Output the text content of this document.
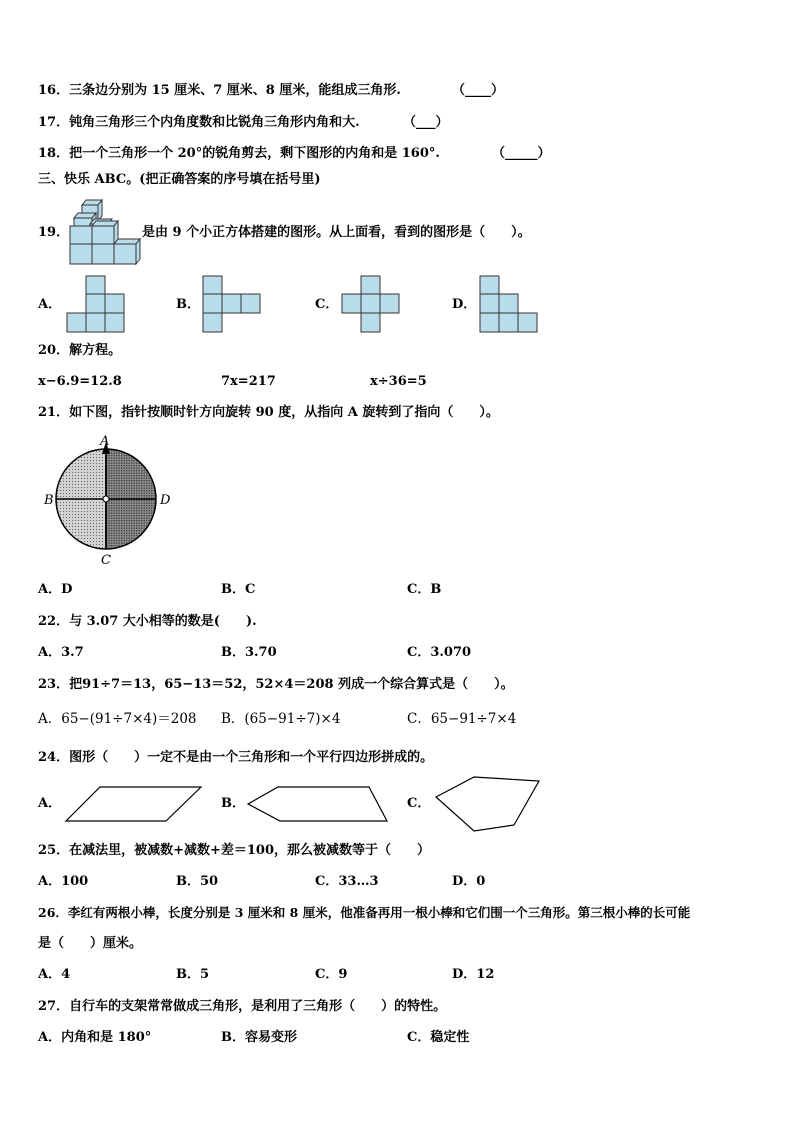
16．三条边分别为 15 厘米、7 厘米、8 厘米，能组成三角形.	（____）
17．钝角三角形三个内角度数和比锐角三角形内角和大.	（___）
18．把一个三角形一个 20°的锐角剪去，剩下图形的内角和是 160°.	（_____）
三、快乐 ABC。(把正确答案的序号填在括号里)
19．	是由 9 个小正方体搭建的图形。从上面看，看到的图形是（　　）。
A．	B．	C．	D．
20．解方程。
x−6.9=12.8	7x=217	x÷36=5
21．如下图，指针按顺时针方向旋转 90 度，从指向 A 旋转到了指向（　　）。
A
B
C
D
A．D	B．C	C．B
22．与 3.07 大小相等的数是(　　).
A．3.7	B．3.70	C．3.070
23．把91÷7＝13，65−13＝52，52×4＝208 列成一个综合算式是（　　）。
A．65−(91÷7×4)＝208 B．(65−91÷7)×4	C．65−91÷7×4
24．图形（　　）一定不是由一个三角形和一个平行四边形拼成的。
A．	B．	C．
25．在减法里，被减数+减数+差＝100，那么被减数等于（　　）
A．100	B．50	C．33…3	D．0
26．李红有两根小棒，长度分别是 3 厘米和 8 厘米，他准备再用一根小棒和它们围一个三角形。第三根小棒的长可能
是（　　）厘米。
A．4	B．5	C．9	D．12
27．自行车的支架常常做成三角形，是利用了三角形（　　）的特性。
A．内角和是 180°	B．容易变形	C．稳定性
